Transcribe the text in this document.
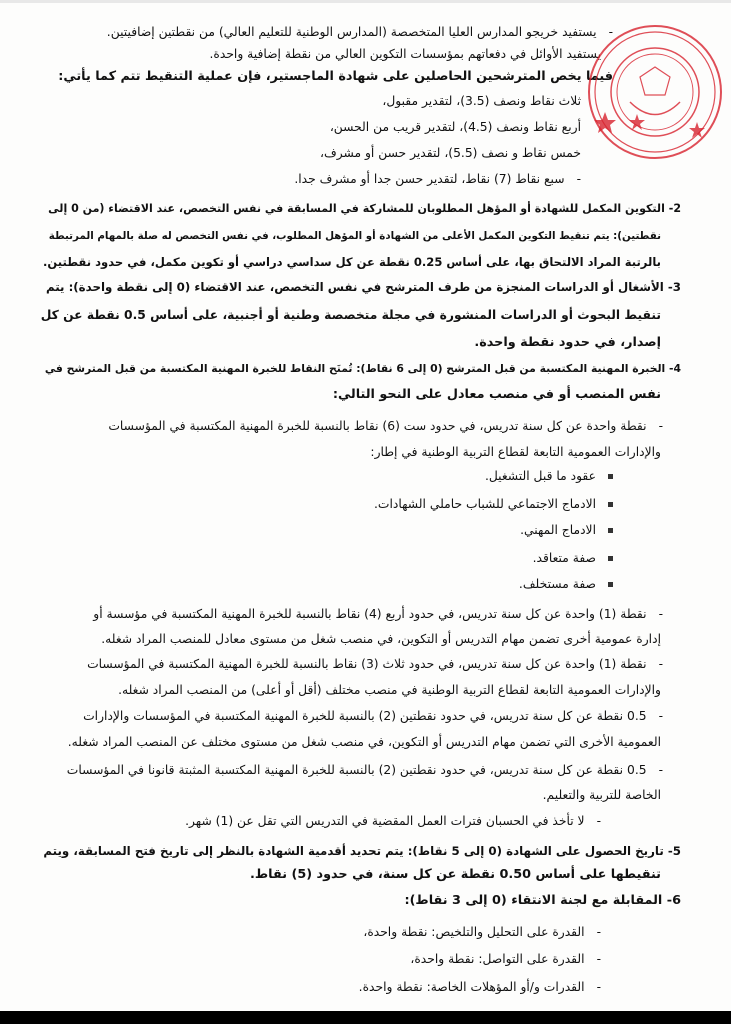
- يستفيد خريجو المدارس العليا المتخصصة (المدارس الوطنية للتعليم العالي) من نقطتين إضافيتين.
يستفيد الأوائل في دفعاتهم بمؤسسات التكوين العالي من نقطة إضافية واحدة.
فيما يخص المترشحين الحاصلين على شهادة الماجستير، فإن عملية التنقيط تتم كما يأتي:
ثلاث نقاط ونصف (3.5)، لتقدير مقبول،
أربع نقاط ونصف (4.5)، لتقدير قريب من الحسن،
خمس نقاط و نصف (5.5)، لتقدير حسن أو مشرف،
- سبع نقاط (7) نقاط، لتقدير حسن جدا أو مشرف جدا.
2- التكوين المكمل للشهادة أو المؤهل المطلوبان للمشاركة في المسابقة في نفس التخصص، عند الاقتضاء (من 0 إلى
نقطتين): يتم تنقيط التكوين المكمل الأعلى من الشهادة أو المؤهل المطلوب، في نفس التخصص له صلة بالمهام المرتبطة
بالرتبة المراد الالتحاق بها، على أساس 0.25 نقطة عن كل سداسي دراسي أو تكوين مكمل، في حدود نقطتين.
3- الأشغال أو الدراسات المنجزة من طرف المترشح في نفس التخصص، عند الاقتضاء (0 إلى نقطة واحدة): يتم
تنقيط البحوث أو الدراسات المنشورة في مجلة متخصصة وطنية أو أجنبية، على أساس 0.5 نقطة عن كل
إصدار، في حدود نقطة واحدة.
4- الخبرة المهنية المكتسبة من قبل المترشح (0 إلى 6 نقاط): تُمنَح النقاط للخبرة المهنية المكتسبة من قبل المترشح في
نفس المنصب أو في منصب معادل على النحو التالي:
- نقطة واحدة عن كل سنة تدريس، في حدود ست (6) نقاط بالنسبة للخبرة المهنية المكتسبة في المؤسسات
والإدارات العمومية التابعة لقطاع التربية الوطنية في إطار:
عقود ما قبل التشغيل.
الادماج الاجتماعي للشباب حاملي الشهادات.
الادماج المهني.
صفة متعاقد.
صفة مستخلف.
- نقطة (1) واحدة عن كل سنة تدريس، في حدود أربع (4) نقاط بالنسبة للخبرة المهنية المكتسبة في مؤسسة أو
إدارة عمومية أخرى تضمن مهام التدريس أو التكوين، في منصب شغل من مستوى معادل للمنصب المراد شغله.
- نقطة (1) واحدة عن كل سنة تدريس، في حدود ثلاث (3) نقاط بالنسبة للخبرة المهنية المكتسبة في المؤسسات
والإدارات العمومية التابعة لقطاع التربية الوطنية في منصب مختلف (أقل أو أعلى) من المنصب المراد شغله.
- 0.5 نقطة عن كل سنة تدريس، في حدود نقطتين (2) بالنسبة للخبرة المهنية المكتسبة في المؤسسات والإدارات
العمومية الأخرى التي تضمن مهام التدريس أو التكوين، في منصب شغل من مستوى مختلف عن المنصب المراد شغله.
- 0.5 نقطة عن كل سنة تدريس، في حدود نقطتين (2) بالنسبة للخبرة المهنية المكتسبة المثبتة قانونا في المؤسسات
الخاصة للتربية والتعليم.
- لا تأخذ في الحسبان فترات العمل المقضية في التدريس التي تقل عن (1) شهر.
5- تاريخ الحصول على الشهادة (0 إلى 5 نقاط): يتم تحديد أقدمية الشهادة بالنظر إلى تاريخ فتح المسابقة، ويتم
تنقيطها على أساس 0.50 نقطة عن كل سنة، في حدود (5) نقاط.
6- المقابلة مع لجنة الانتقاء (0 إلى 3 نقاط):
- القدرة على التحليل والتلخيص: نقطة واحدة،
- القدرة على التواصل: نقطة واحدة،
- القدرات و/أو المؤهلات الخاصة: نقطة واحدة.
